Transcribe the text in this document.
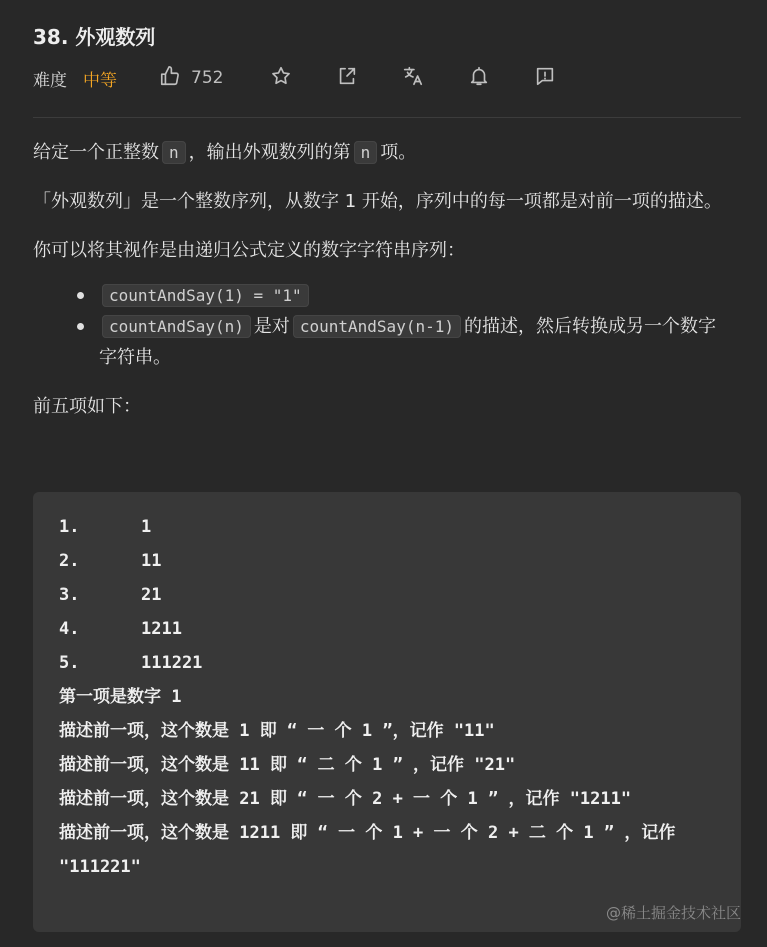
38. 外观数列
难度 中等	752

给定一个正整数 n ，输出外观数列的第 n 项。

「外观数列」是一个整数序列，从数字 1 开始，序列中的每一项都是对前一项的描述。

你可以将其视作是由递归公式定义的数字字符串序列：

countAndSay(1) = "1"
countAndSay(n) 是对 countAndSay(n-1) 的描述，然后转换成另一个数字字符串。

前五项如下：

1.	1
2.	11
3.	21
4.	1211
5.	111221
第一项是数字 1
描述前一项，这个数是 1 即 “ 一 个 1 ”，记作 "11"
描述前一项，这个数是 11 即 “ 二 个 1 ” ，记作 "21"
描述前一项，这个数是 21 即 “ 一 个 2 + 一 个 1 ” ，记作 "1211"
描述前一项，这个数是 1211 即 “ 一 个 1 + 一 个 2 + 二 个 1 ” ，记作 "111221"
@稀土掘金技术社区
